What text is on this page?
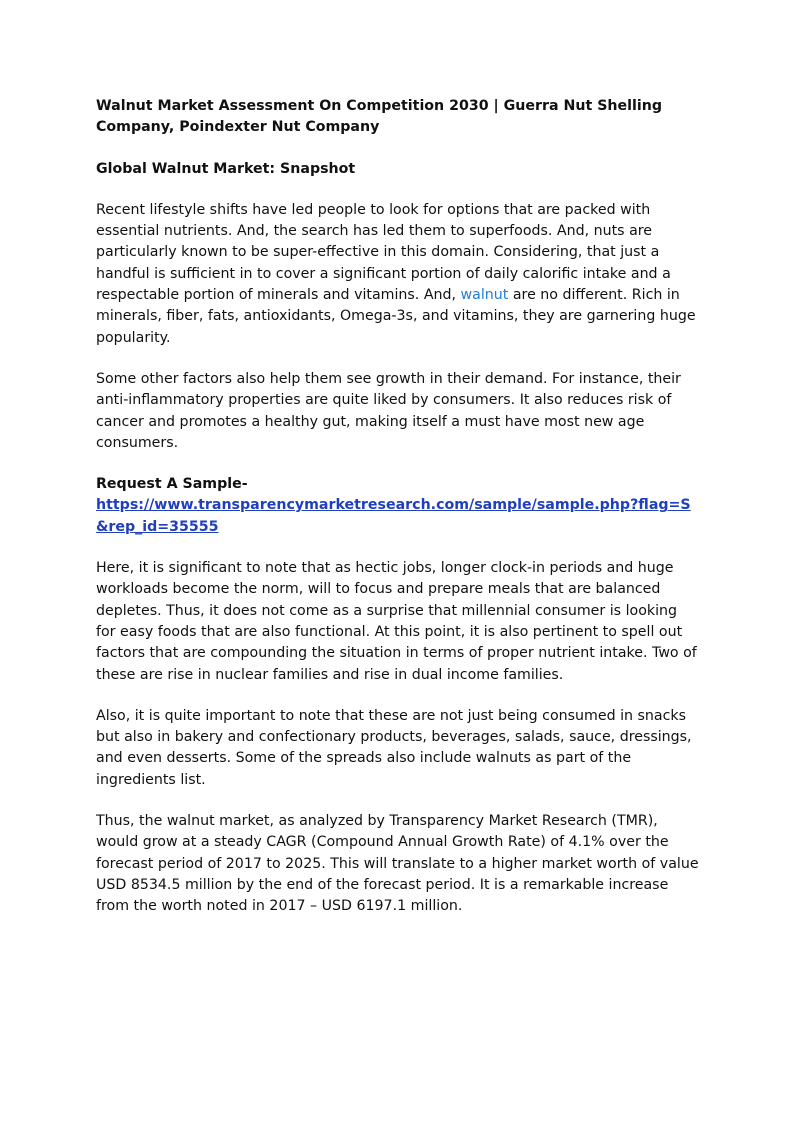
Walnut Market Assessment On Competition 2030 | Guerra Nut Shelling Company, Poindexter Nut Company
Global Walnut Market: Snapshot

Recent lifestyle shifts have led people to look for options that are packed with essential nutrients. And, the search has led them to superfoods. And, nuts are particularly known to be super-effective in this domain. Considering, that just a handful is sufficient in to cover a significant portion of daily calorific intake and a respectable portion of minerals and vitamins. And, walnut are no different. Rich in minerals, fiber, fats, antioxidants, Omega-3s, and vitamins, they are garnering huge popularity.

Some other factors also help them see growth in their demand. For instance, their anti-inflammatory properties are quite liked by consumers. It also reduces risk of cancer and promotes a healthy gut, making itself a must have most new age consumers.

Request A Sample-
https://www.transparencymarketresearch.com/sample/sample.php?flag=S&rep_id=35555

Here, it is significant to note that as hectic jobs, longer clock-in periods and huge workloads become the norm, will to focus and prepare meals that are balanced depletes. Thus, it does not come as a surprise that millennial consumer is looking for easy foods that are also functional. At this point, it is also pertinent to spell out factors that are compounding the situation in terms of proper nutrient intake. Two of these are rise in nuclear families and rise in dual income families.

Also, it is quite important to note that these are not just being consumed in snacks but also in bakery and confectionary products, beverages, salads, sauce, dressings, and even desserts. Some of the spreads also include walnuts as part of the ingredients list.

Thus, the walnut market, as analyzed by Transparency Market Research (TMR), would grow at a steady CAGR (Compound Annual Growth Rate) of 4.1% over the forecast period of 2017 to 2025. This will translate to a higher market worth of value USD 8534.5 million by the end of the forecast period. It is a remarkable increase from the worth noted in 2017 – USD 6197.1 million.
